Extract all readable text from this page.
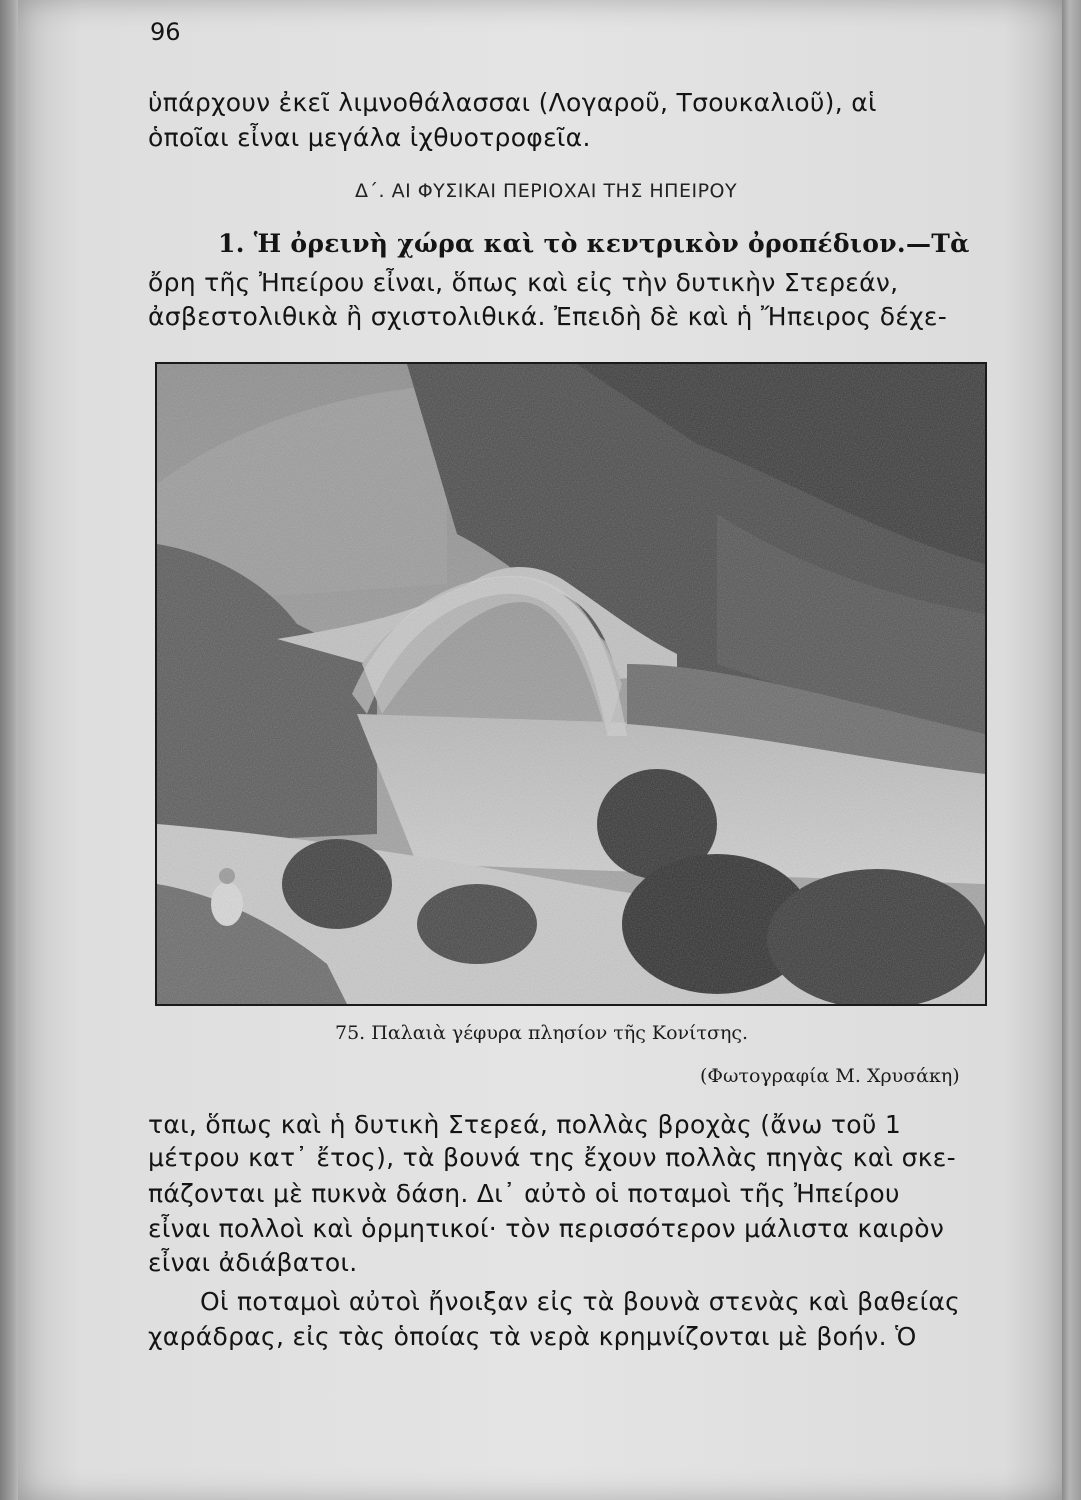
96
ὑπάρχουν ἐκεῖ λιμνοθάλασσαι (Λογαροῦ, Τσουκαλιοῦ), αἱ
ὁποῖαι εἶναι μεγάλα ἰχθυοτροφεῖα.
Δ΄. ΑΙ ΦΥΣΙΚΑΙ ΠΕΡΙΟΧΑΙ ΤΗΣ ΗΠΕΙΡΟΥ
1. Ἡ ὀρεινὴ χώρα καὶ τὸ κεντρικὸν ὀροπέδιον.—Τὰ
ὄρη τῆς Ἠπείρου εἶναι, ὅπως καὶ εἰς τὴν δυτικὴν Στερεάν,
ἀσβεστολιθικὰ ἢ σχιστολιθικά. Ἐπειδὴ δὲ καὶ ἡ Ἤπειρος δέχε-
75. Παλαιὰ γέφυρα πλησίον τῆς Κονίτσης.
(Φωτογραφία Μ. Χρυσάκη)
ται, ὅπως καὶ ἡ δυτικὴ Στερεά, πολλὰς βροχὰς (ἄνω τοῦ 1
μέτρου κατ᾽ ἔτος), τὰ βουνά της ἔχουν πολλὰς πηγὰς καὶ σκε-
πάζονται μὲ πυκνὰ δάση. Δι᾽ αὐτὸ οἱ ποταμοὶ τῆς Ἠπείρου
εἶναι πολλοὶ καὶ ὁρμητικοί· τὸν περισσότερον μάλιστα καιρὸν
εἶναι ἀδιάβατοι.
Οἱ ποταμοὶ αὐτοὶ ἤνοιξαν εἰς τὰ βουνὰ στενὰς καὶ βαθείας
χαράδρας, εἰς τὰς ὁποίας τὰ νερὰ κρημνίζονται μὲ βοήν. Ὁ
